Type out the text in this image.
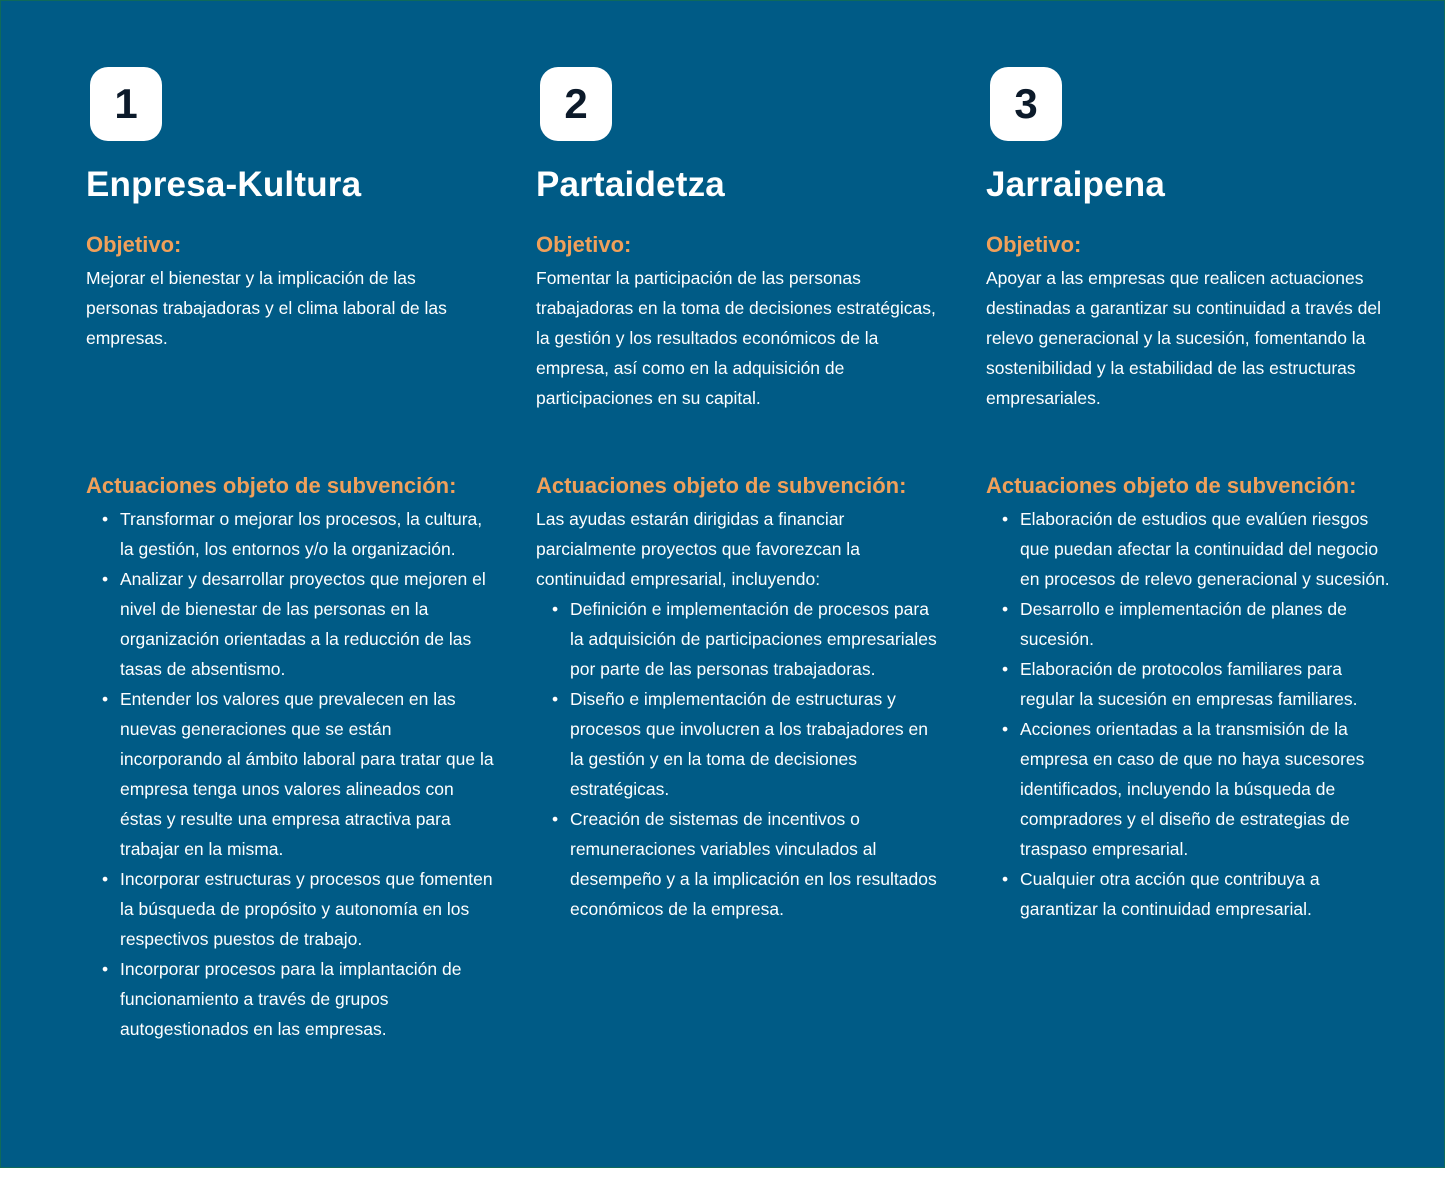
1
Enpresa-Kultura
Objetivo:
Mejorar el bienestar y la implicación de las personas trabajadoras y el clima laboral de las empresas.
Actuaciones objeto de subvención:
• Transformar o mejorar los procesos, la cultura, la gestión, los entornos y/o la organización.
• Analizar y desarrollar proyectos que mejoren el nivel de bienestar de las personas en la organización orientadas a la reducción de las tasas de absentismo.
• Entender los valores que prevalecen en las nuevas generaciones que se están incorporando al ámbito laboral para tratar que la empresa tenga unos valores alineados con éstas y resulte una empresa atractiva para trabajar en la misma.
• Incorporar estructuras y procesos que fomenten la búsqueda de propósito y autonomía en los respectivos puestos de trabajo.
• Incorporar procesos para la implantación de funcionamiento a través de grupos autogestionados en las empresas.
2
Partaidetza
Objetivo:
Fomentar la participación de las personas trabajadoras en la toma de decisiones estratégicas, la gestión y los resultados económicos de la empresa, así como en la adquisición de participaciones en su capital.
Actuaciones objeto de subvención:

Las ayudas estarán dirigidas a financiar parcialmente proyectos que favorezcan la continuidad empresarial, incluyendo:

• Definición e implementación de procesos para la adquisición de participaciones empresariales por parte de las personas trabajadoras.
• Diseño e implementación de estructuras y procesos que involucren a los trabajadores en la gestión y en la toma de decisiones estratégicas.
• Creación de sistemas de incentivos o remuneraciones variables vinculados al desempeño y a la implicación en los resultados económicos de la empresa.
3
Jarraipena
Objetivo:
Apoyar a las empresas que realicen actuaciones destinadas a garantizar su continuidad a través del relevo generacional y la sucesión, fomentando la sostenibilidad y la estabilidad de las estructuras empresariales.
Actuaciones objeto de subvención:
• Elaboración de estudios que evalúen riesgos que puedan afectar la continuidad del negocio en procesos de relevo generacional y sucesión.
• Desarrollo e implementación de planes de sucesión.
• Elaboración de protocolos familiares para regular la sucesión en empresas familiares.
• Acciones orientadas a la transmisión de la empresa en caso de que no haya sucesores identificados, incluyendo la búsqueda de compradores y el diseño de estrategias de traspaso empresarial.
• Cualquier otra acción que contribuya a garantizar la continuidad empresarial.
